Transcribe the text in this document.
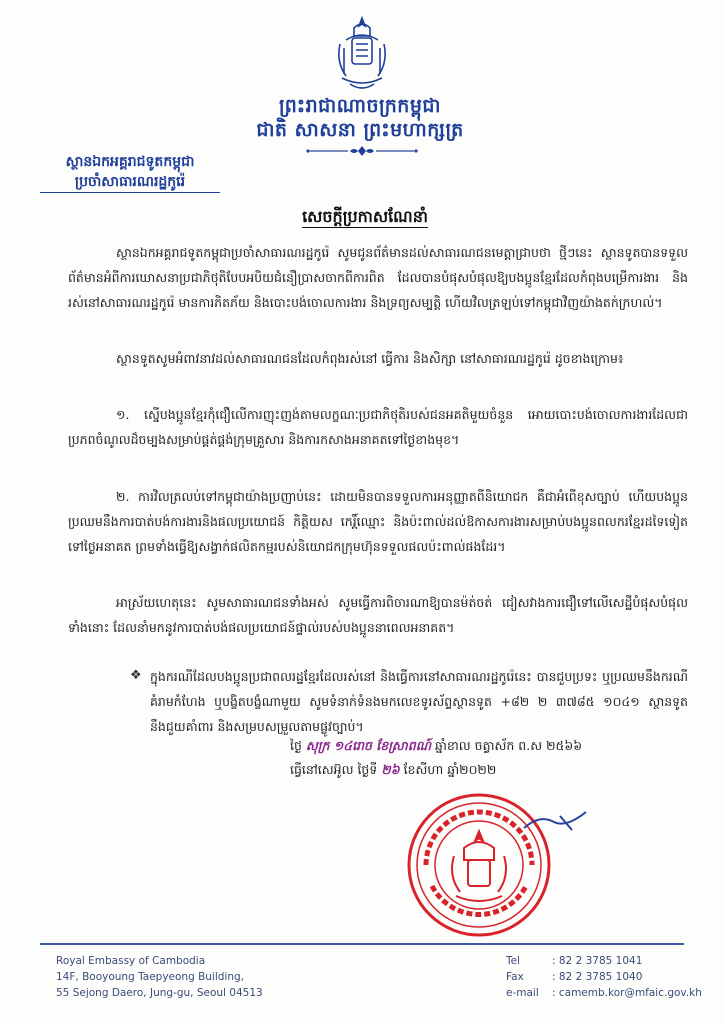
ព្រះរាជាណាចក្រកម្ពុជា
ជាតិ សាសនា ព្រះមហាក្សត្រ
ស្ថានឯកអគ្គរាជទូតកម្ពុជា
ប្រចាំសាធារណរដ្ឋកូរ៉េ
សេចក្តីប្រកាសណែនាំ
ស្ថានឯកអគ្គរាជទូតកម្ពុជាប្រចាំសាធារណរដ្ឋកូរ៉េ សូមជូនព័ត៌មានដល់សាធារណជនមេត្តាជ្រាបថា ថ្មីៗនេះ ស្ថានទូតបានទទួលព័ត៌មានអំពីការឃោសនាប្រជាភិថុតិបែបអបិយជំនឿប្រាសចាកពីការពិត ដែលបានបំផុសបំផុលឱ្យបងប្អូនខ្មែរដែលកំពុងបម្រើការងារ និងរស់នៅសាធារណរដ្ឋកូរ៉េ មានការភិតភ័យ និងបោះបង់ចោលការងារ និងទ្រព្យសម្បត្តិ ហើយវិលត្រឡប់ទៅកម្ពុជាវិញយ៉ាងតក់ក្រហល់។
ស្ថានទូតសូមអំពាវនាវដល់សាធារណជនដែលកំពុងរស់នៅ ធ្វើការ និងសិក្សា នៅសាធារណរដ្ឋកូរ៉េ ដូចខាងក្រោម៖
១. ស្នើបងប្អូនខ្មែរកុំជឿលើការញុះញង់តាមលក្ខណៈប្រជាភិថុតិរបស់ជនអគតិមួយចំនួន អោយបោះបង់ចោលការងារដែលជាប្រភពចំណូលដ៏ចម្បងសម្រាប់ផ្គត់ផ្គង់ក្រុមគ្រួសារ និងការកសាងអនាគតទៅថ្ងៃខាងមុខ។
២. ការវិលត្រលប់ទៅកម្ពុជាយ៉ាងប្រញាប់នេះ ដោយមិនបានទទួលការអនុញ្ញាតពីនិយោជក គឺជាអំពើខុសច្បាប់ ហើយបងប្អូនប្រឈមនឹងការបាត់បង់ការងារនិងផលប្រយោជន៍ កិត្តិយស កេរ្តិ៍ឈ្មោះ និងប៉ះពាល់ដល់ឱកាសការងារសម្រាប់បងប្អូនពលករខ្មែរដទៃទៀតទៅថ្ងៃអនាគត ព្រមទាំងធ្វើឱ្យសង្វាក់ផលិតកម្មរបស់និយោជកក្រុមហ៊ុនទទួលផលប៉ះពាល់ផងដែរ។
អាស្រ័យហេតុនេះ សូមសាធារណជនទាំងអស់ សូមធ្វើការពិចារណាឱ្យបានម៉ត់ចត់ ជៀសវាងការជឿទៅលើសេដ្ឋីបំផុសបំផុលទាំងនោះ ដែលនាំមកនូវការបាត់បង់ផលប្រយោជន៍ផ្ទាល់របស់បងប្អូននាពេលអនាគត។
❖ ក្នុងករណីដែលបងប្អូនប្រជាពលរដ្ឋខ្មែរដែលរស់នៅ និងធ្វើការនៅសាធារណរដ្ឋកូរ៉េនេះ បានជួបប្រទះ ឬប្រឈមនឹងករណីគំរាមកំហែង ឬបង្ខិតបង្ខំណាមួយ សូមទំនាក់ទំនងមកលេខទូរស័ព្ទស្ថានទូត +៨២ ២ ៣៧៨៥ ១០៤១ ស្ថានទូតនឹងជួយគាំពារ និងសម្របសម្រួលតាមផ្លូវច្បាប់។
ថ្ងៃ សុក្រ ១៤រោច ខែស្រាពណ៍ ឆ្នាំខាល ចត្វាស័ក ព.ស ២៥៦៦
ធ្វើនៅសេអ៊ូល ថ្ងៃទី ២៦ ខែសីហា ឆ្នាំ២០២២
Royal Embassy of Cambodia
14F, Booyoung Taepyeong Building,
55 Sejong Daero, Jung-gu, Seoul 04513
Tel	: 82 2 3785 1041
Fax	: 82 2 3785 1040
e-mail	: camemb.kor@mfaic.gov.kh
